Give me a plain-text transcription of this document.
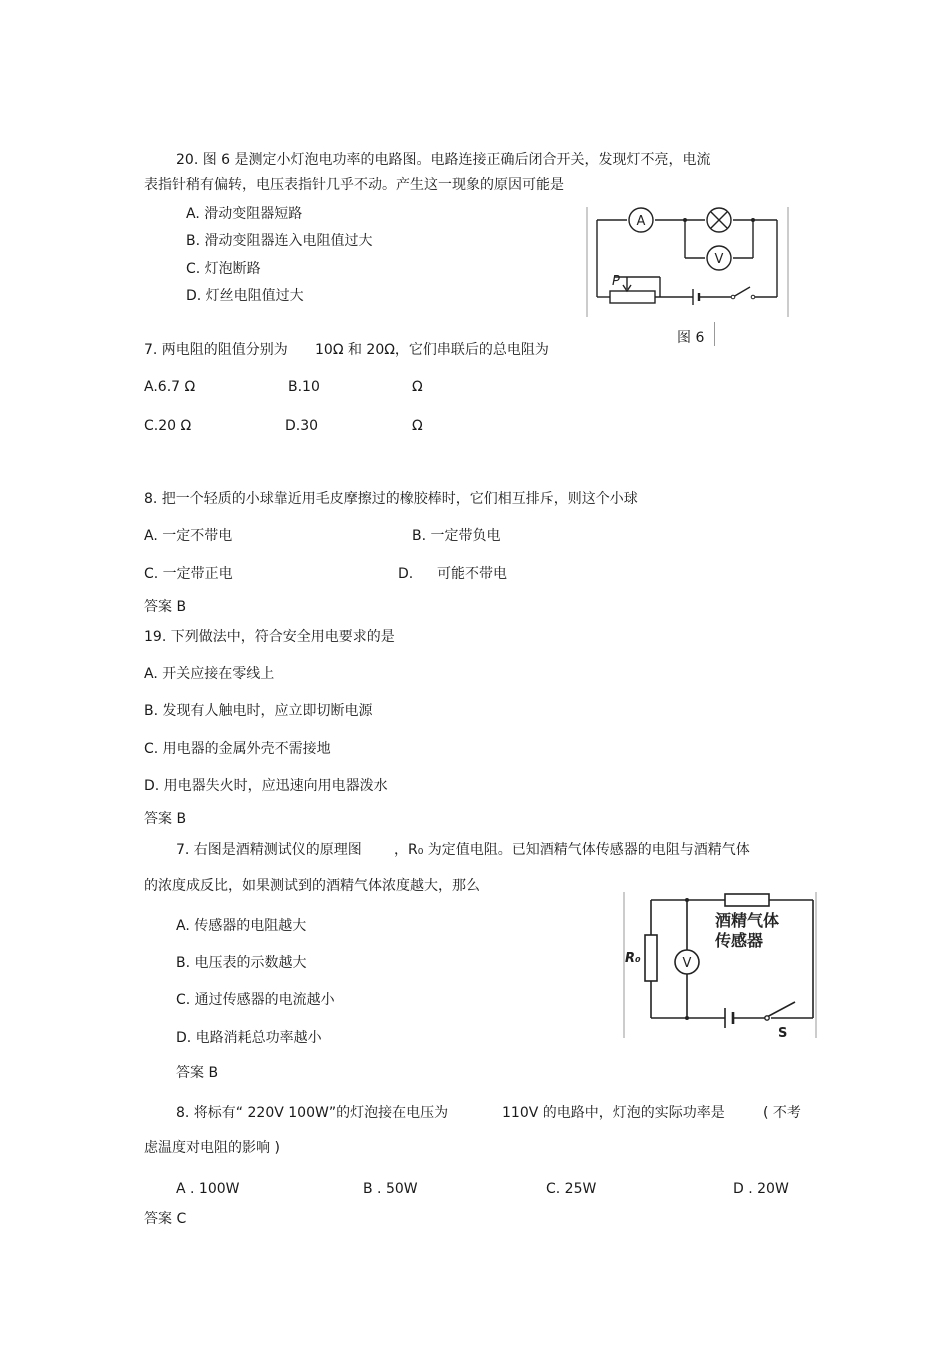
20. 图 6 是测定小灯泡电功率的电路图。电路连接正确后闭合开关，发现灯不亮，电流
表指针稍有偏转，电压表指针几乎不动。产生这一现象的原因可能是
A. 滑动变阻器短路
B. 滑动变阻器连入电阻值过大
C. 灯泡断路
D. 灯丝电阻值过大
A
V
P
图 6
7. 两电阻的阻值分别为 10Ω 和 20Ω，它们串联后的总电阻为
A.6.7 Ω	B.10	Ω
C.20 Ω	D.30	Ω
8. 把一个轻质的小球靠近用毛皮摩擦过的橡胶棒时，它们相互排斥，则这个小球
A. 一定不带电	B. 一定带负电
C. 一定带正电	D. 可能不带电
答案 B
19. 下列做法中，符合安全用电要求的是
A. 开关应接在零线上
B. 发现有人触电时，应立即切断电源
C. 用电器的金属外壳不需接地
D. 用电器失火时，应迅速向用电器泼水
答案 B
7. 右图是酒精测试仪的原理图 ，R₀ 为定值电阻。已知酒精气体传感器的电阻与酒精气体
的浓度成反比，如果测试到的酒精气体浓度越大，那么
A. 传感器的电阻越大
B. 电压表的示数越大
C. 通过传感器的电流越小
D. 电路消耗总功率越小
答案 B
V
R₀
酒精气体
传感器
S
8. 将标有“ 220V 100W”的灯泡接在电压为	110V 的电路中，灯泡的实际功率是	( 不考
虑温度对电阻的影响 )
A . 100W	B . 50W	C. 25W	D . 20W
答案 C
